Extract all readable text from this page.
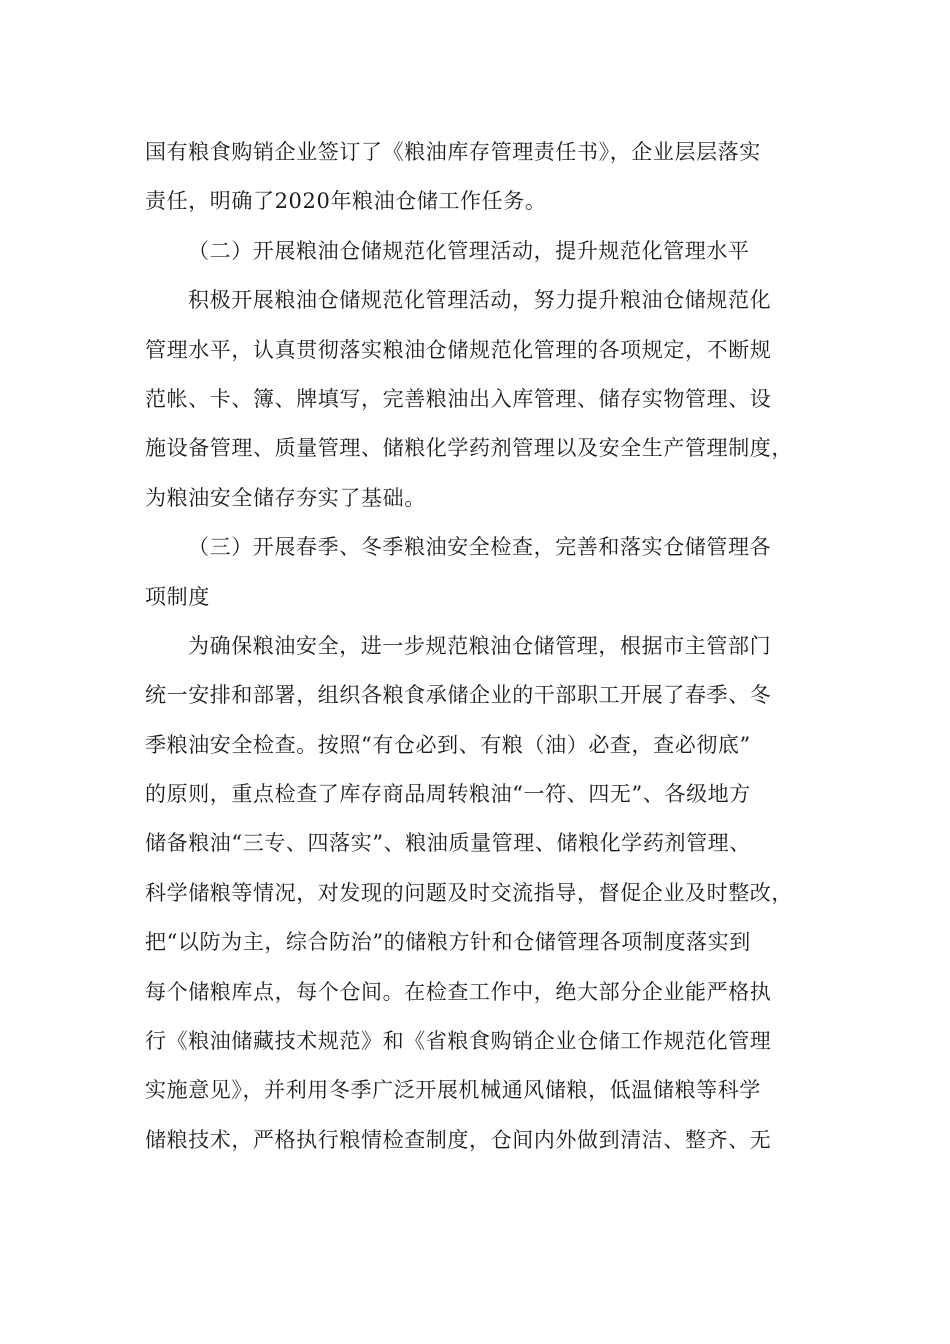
国有粮食购销企业签订了《粮油库存管理责任书》，企业层层落实
责任，明确了2020年粮油仓储工作任务。
（二）开展粮油仓储规范化管理活动，提升规范化管理水平
积极开展粮油仓储规范化管理活动，努力提升粮油仓储规范化
管理水平，认真贯彻落实粮油仓储规范化管理的各项规定，不断规
范帐、卡、簿、牌填写，完善粮油出入库管理、储存实物管理、设
施设备管理、质量管理、储粮化学药剂管理以及安全生产管理制度，
为粮油安全储存夯实了基础。
（三）开展春季、冬季粮油安全检查，完善和落实仓储管理各
项制度
为确保粮油安全，进一步规范粮油仓储管理，根据市主管部门
统一安排和部署，组织各粮食承储企业的干部职工开展了春季、冬
季粮油安全检查。按照“有仓必到、有粮（油）必查，查必彻底”
的原则，重点检查了库存商品周转粮油“一符、四无”、各级地方
储备粮油“三专、四落实”、粮油质量管理、储粮化学药剂管理、
科学储粮等情况，对发现的问题及时交流指导，督促企业及时整改，
把“以防为主，综合防治”的储粮方针和仓储管理各项制度落实到
每个储粮库点，每个仓间。在检查工作中，绝大部分企业能严格执
行《粮油储藏技术规范》和《省粮食购销企业仓储工作规范化管理
实施意见》，并利用冬季广泛开展机械通风储粮，低温储粮等科学
储粮技术，严格执行粮情检查制度，仓间内外做到清洁、整齐、无
